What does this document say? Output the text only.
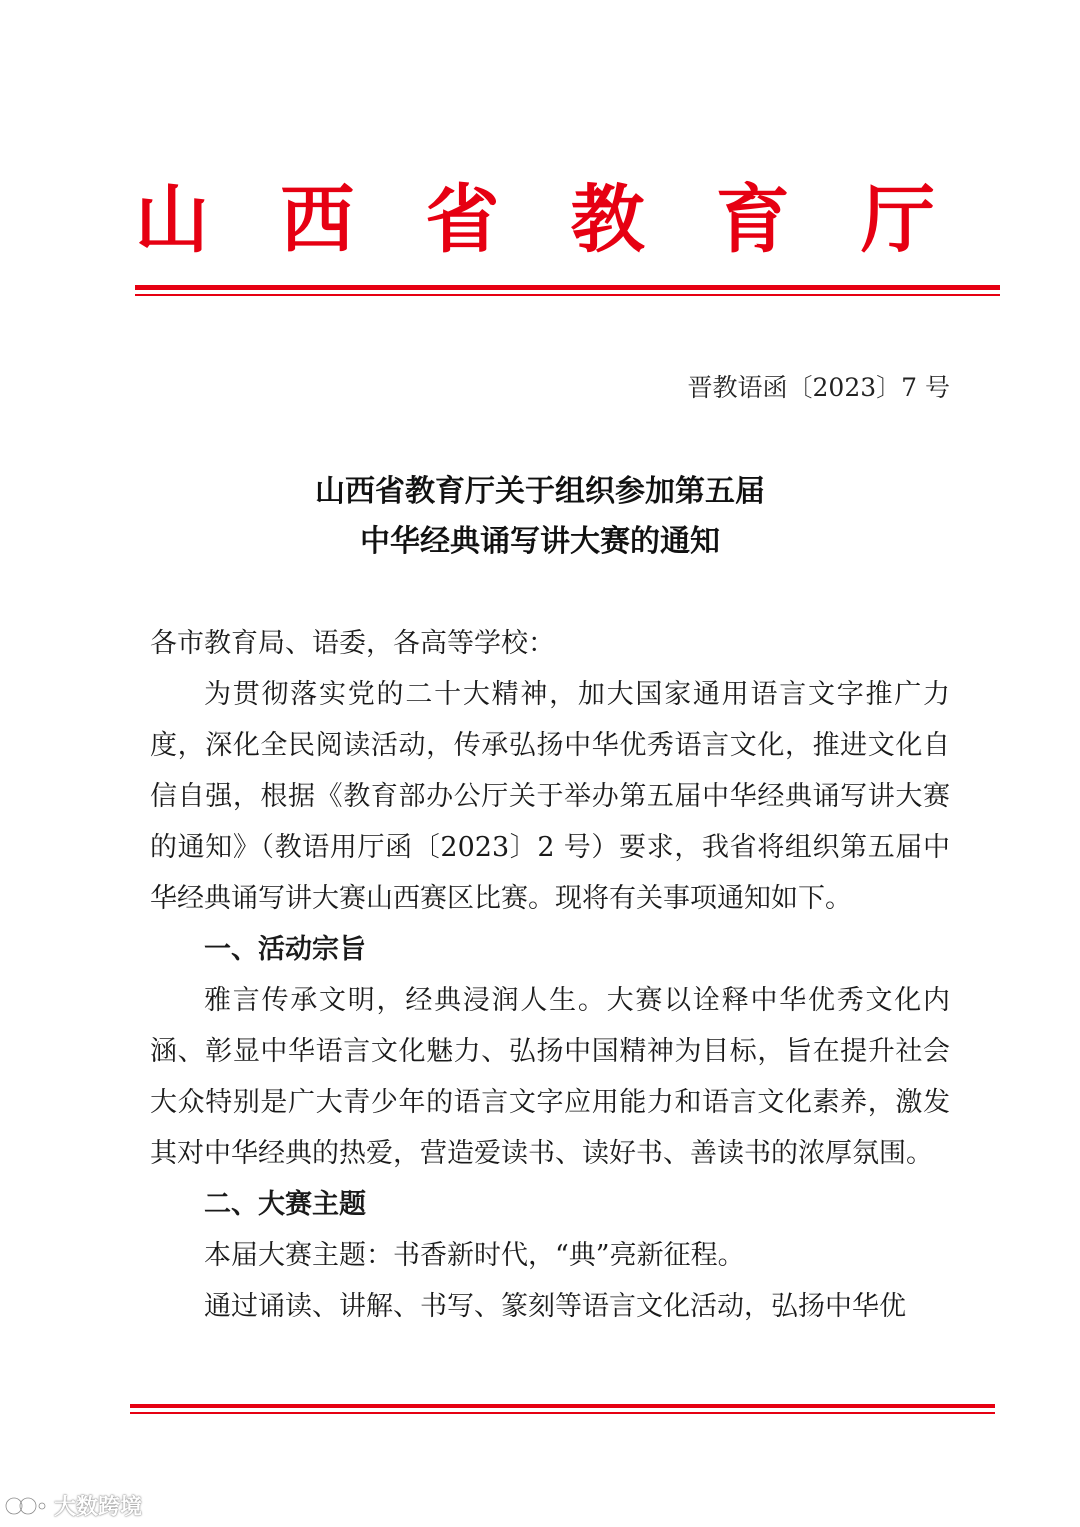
山 西 省 教 育 厅
晋教语函〔2023〕7 号
山西省教育厅关于组织参加第五届
中华经典诵写讲大赛的通知

各市教育局、语委，各高等学校：

为贯彻落实党的二十大精神，加大国家通用语言文字推广力度，深化全民阅读活动，传承弘扬中华优秀语言文化，推进文化自信自强，根据《教育部办公厅关于举办第五届中华经典诵写讲大赛的通知》（教语用厅函〔2023〕2 号）要求，我省将组织第五届中华经典诵写讲大赛山西赛区比赛。现将有关事项通知如下。

一、活动宗旨

雅言传承文明，经典浸润人生。大赛以诠释中华优秀文化内涵、彰显中华语言文化魅力、弘扬中国精神为目标，旨在提升社会大众特别是广大青少年的语言文字应用能力和语言文化素养，激发其对中华经典的热爱，营造爱读书、读好书、善读书的浓厚氛围。

二、大赛主题

本届大赛主题：书香新时代，“典”亮新征程。

通过诵读、讲解、书写、篆刻等语言文化活动，弘扬中华优

大数跨境
